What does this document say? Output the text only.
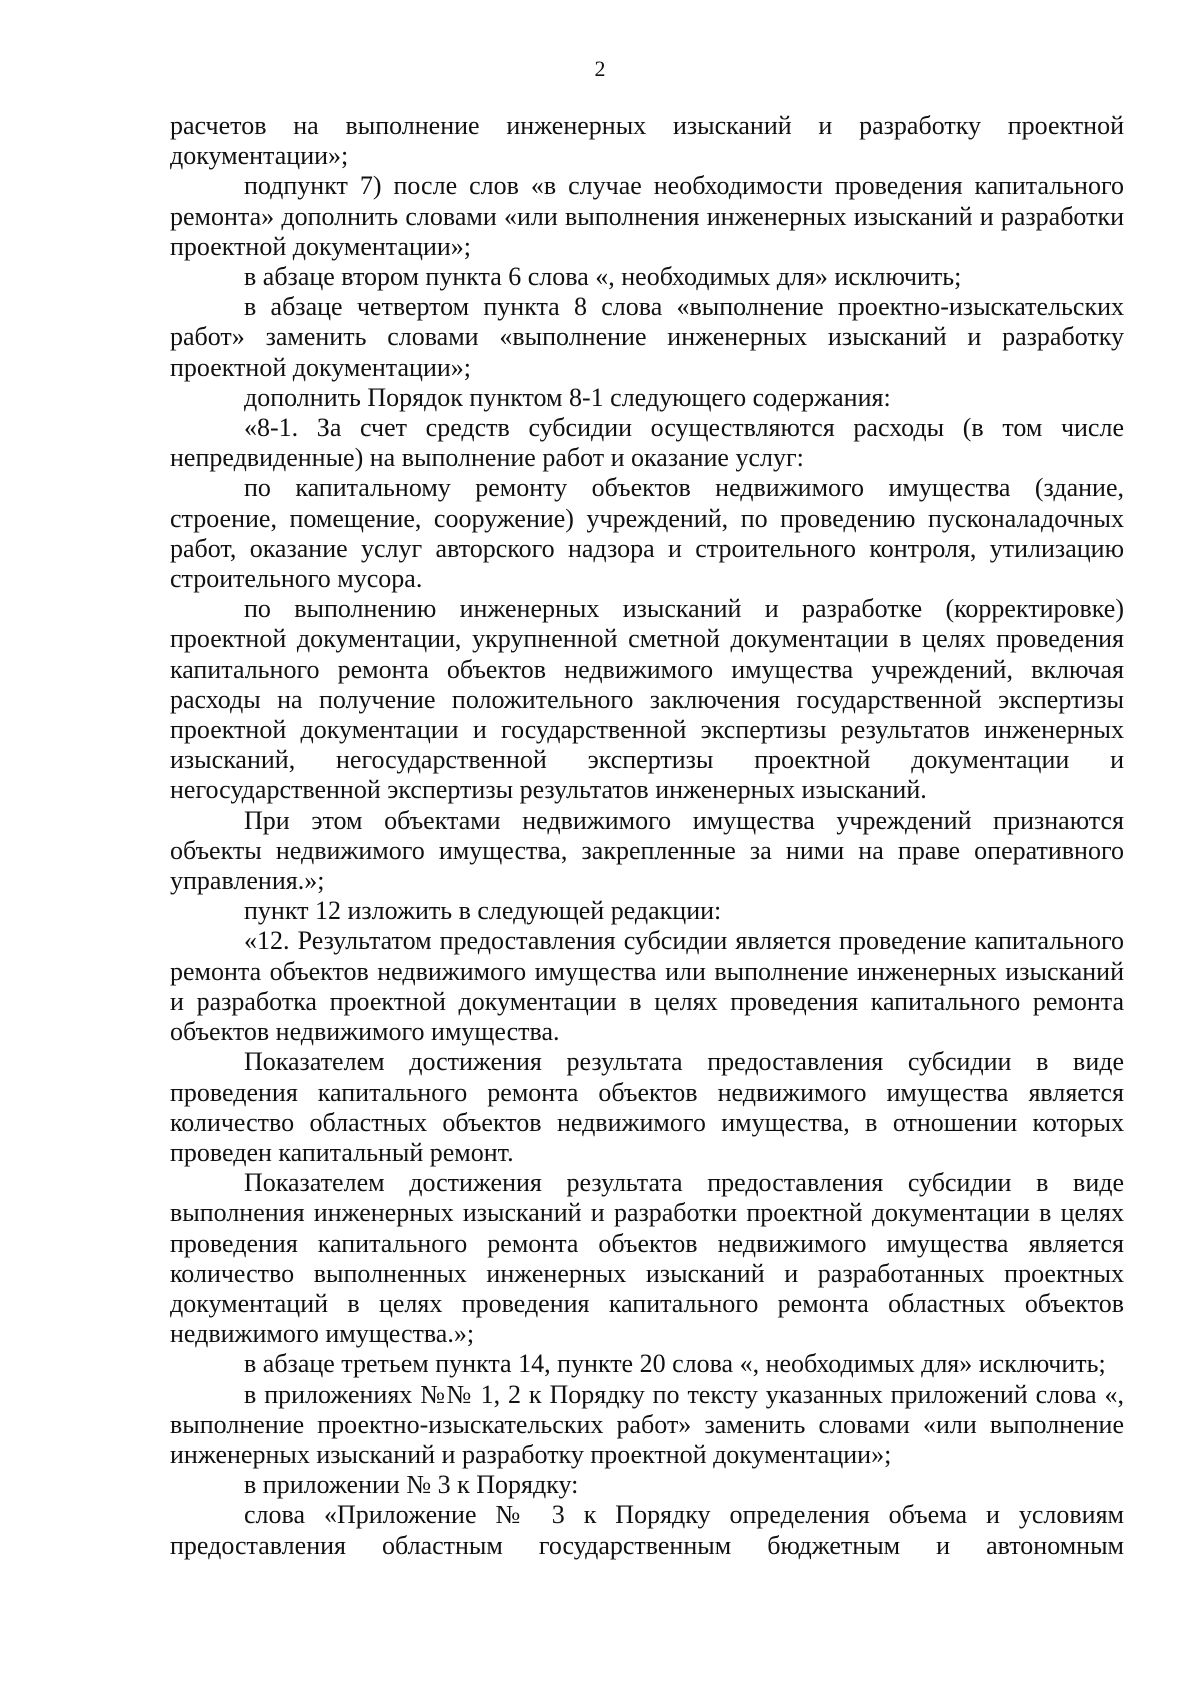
2

расчетов на выполнение инженерных изысканий и разработку проектной документации»;

подпункт 7) после слов «в случае необходимости проведения капитального ремонта» дополнить словами «или выполнения инженерных изысканий и разработки проектной документации»;

в абзаце втором пункта 6 слова «, необходимых для» исключить;

в абзаце четвертом пункта 8 слова «выполнение проектно-изыскательских работ» заменить словами «выполнение инженерных изысканий и разработку проектной документации»;

дополнить Порядок пунктом 8-1 следующего содержания:

«8-1. За счет средств субсидии осуществляются расходы (в том числе непредвиденные) на выполнение работ и оказание услуг:

по капитальному ремонту объектов недвижимого имущества (здание, строение, помещение, сооружение) учреждений, по проведению пусконаладочных работ, оказание услуг авторского надзора и строительного контроля, утилизацию строительного мусора.

по выполнению инженерных изысканий и разработке (корректировке) проектной документации, укрупненной сметной документации в целях проведения капитального ремонта объектов недвижимого имущества учреждений, включая расходы на получение положительного заключения государственной экспертизы проектной документации и государственной экспертизы результатов инженерных изысканий, негосударственной экспертизы проектной документации и негосударственной экспертизы результатов инженерных изысканий.

При этом объектами недвижимого имущества учреждений признаются объекты недвижимого имущества, закрепленные за ними на праве оперативного управления.»;

пункт 12 изложить в следующей редакции:

«12. Результатом предоставления субсидии является проведение капитального ремонта объектов недвижимого имущества или выполнение инженерных изысканий и разработка проектной документации в целях проведения капитального ремонта объектов недвижимого имущества.

Показателем достижения результата предоставления субсидии в виде проведения капитального ремонта объектов недвижимого имущества является количество областных объектов недвижимого имущества, в отношении которых проведен капитальный ремонт.

Показателем достижения результата предоставления субсидии в виде выполнения инженерных изысканий и разработки проектной документации в целях проведения капитального ремонта объектов недвижимого имущества является количество выполненных инженерных изысканий и разработанных проектных документаций в целях проведения капитального ремонта областных объектов недвижимого имущества.»;

в абзаце третьем пункта 14, пункте 20 слова «, необходимых для» исключить;

в приложениях №№ 1, 2 к Порядку по тексту указанных приложений слова «, выполнение проектно-изыскательских работ» заменить словами «или выполнение инженерных изысканий и разработку проектной документации»;

в приложении № 3 к Порядку:

слова «Приложение № 3 к Порядку определения объема и условиям предоставления областным государственным бюджетным и автономным
